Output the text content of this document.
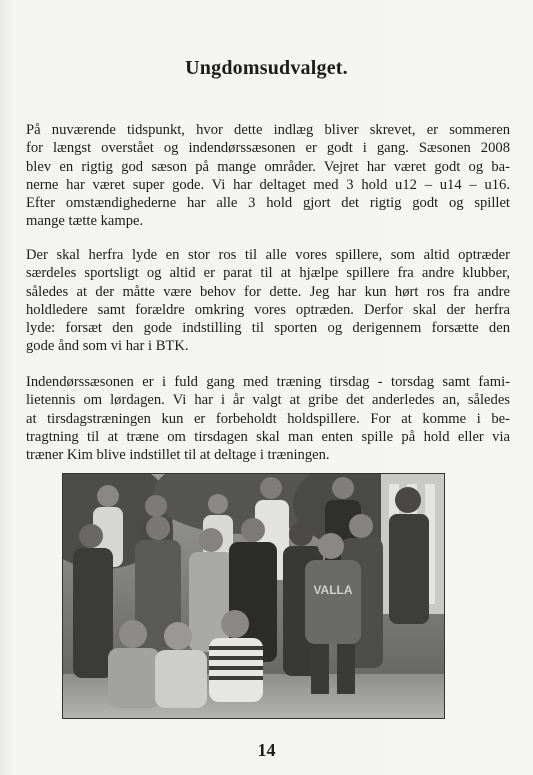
Ungdomsudvalget.
På nuværende tidspunkt, hvor dette indlæg bliver skrevet, er sommeren
for længst overstået og indendørssæsonen er godt i gang. Sæsonen 2008
blev en rigtig god sæson på mange områder. Vejret har været godt og ba-
nerne har været super gode. Vi har deltaget med 3 hold u12 – u14 – u16.
Efter omstændighederne har alle 3 hold gjort det rigtig godt og spillet
mange tætte kampe.
Der skal herfra lyde en stor ros til alle vores spillere, som altid optræder
særdeles sportsligt og altid er parat til at hjælpe spillere fra andre klubber,
således at der måtte være behov for dette. Jeg har kun hørt ros fra andre
holdledere samt forældre omkring vores optræden. Derfor skal der herfra
lyde: forsæt den gode indstilling til sporten og derigennem forsætte den
gode ånd som vi har i BTK.
Indendørssæsonen er i fuld gang med træning tirsdag - torsdag samt fami-
lietennis om lørdagen. Vi har i år valgt at gribe det anderledes an, således
at tirsdagstræningen kun er forbeholdt holdspillere. For at komme i be-
tragtning til at træne om tirsdagen skal man enten spille på hold eller via
træner Kim blive indstillet til at deltage i træningen.
VALLA
14
